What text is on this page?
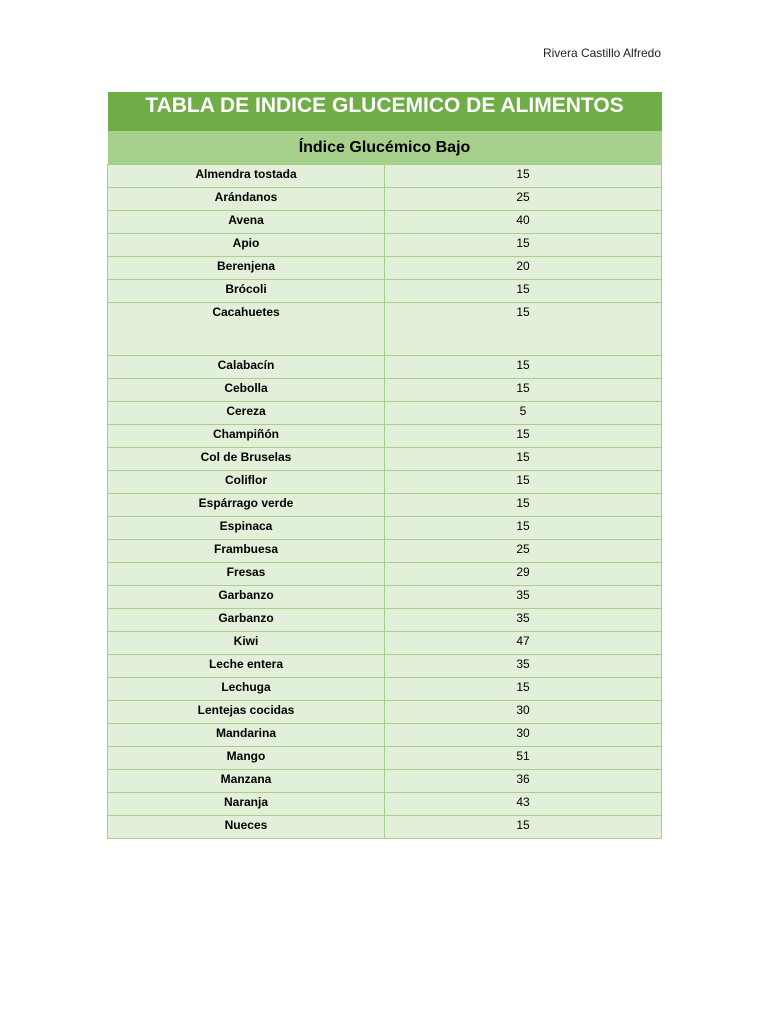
Rivera Castillo Alfredo
TABLA DE INDICE GLUCEMICO DE ALIMENTOS	
Índice Glucémico Bajo	
Almendra tostada	15
Arándanos	25
Avena	40
Apio	15
Berenjena	20
Brócoli	15
Cacahuetes	15
Calabacín	15
Cebolla	15
Cereza	5
Champiñón	15
Col de Bruselas	15
Coliflor	15
Espárrago verde	15
Espinaca	15
Frambuesa	25
Fresas	29
Garbanzo	35
Garbanzo	35
Kiwi	47
Leche entera	35
Lechuga	15
Lentejas cocidas	30
Mandarina	30
Mango	51
Manzana	36
Naranja	43
Nueces	15
